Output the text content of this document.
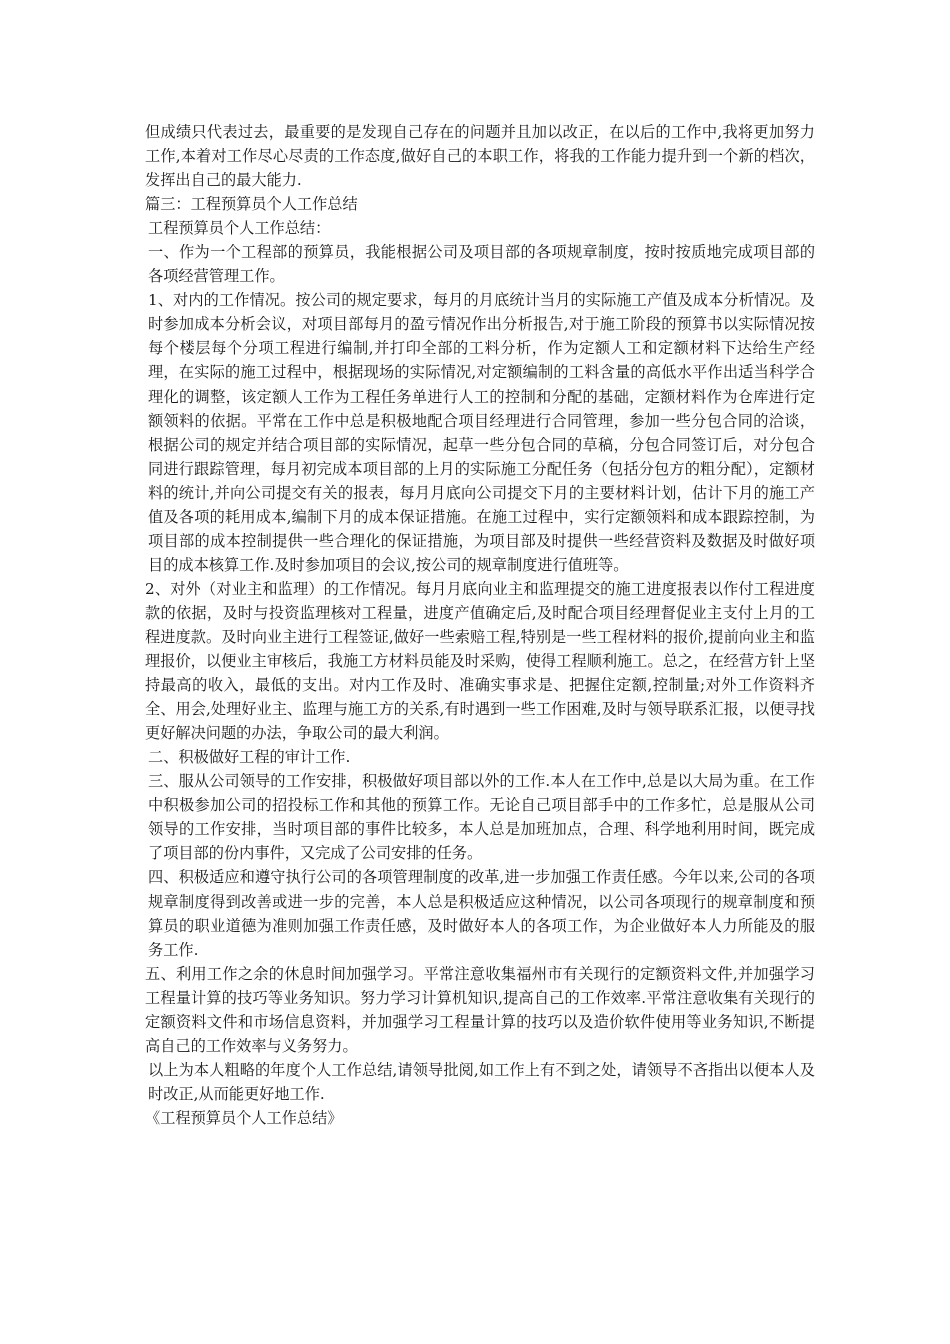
但成绩只代表过去，最重要的是发现自己存在的问题并且加以改正，在以后的工作中,我将更加努力工作,本着对工作尽心尽责的工作态度,做好自己的本职工作，将我的工作能力提升到一个新的档次，发挥出自己的最大能力.

篇三：工程预算员个人工作总结

工程预算员个人工作总结：

一、作为一个工程部的预算员，我能根据公司及项目部的各项规章制度，按时按质地完成项目部的各项经营管理工作。

1、对内的工作情况。按公司的规定要求，每月的月底统计当月的实际施工产值及成本分析情况。及时参加成本分析会议，对项目部每月的盈亏情况作出分析报告,对于施工阶段的预算书以实际情况按每个楼层每个分项工程进行编制,并打印全部的工料分析，作为定额人工和定额材料下达给生产经理，在实际的施工过程中，根据现场的实际情况,对定额编制的工料含量的高低水平作出适当科学合理化的调整，该定额人工作为工程任务单进行人工的控制和分配的基础，定额材料作为仓库进行定额领料的依据。平常在工作中总是积极地配合项目经理进行合同管理，参加一些分包合同的洽谈，根据公司的规定并结合项目部的实际情况，起草一些分包合同的草稿，分包合同签订后，对分包合同进行跟踪管理，每月初完成本项目部的上月的实际施工分配任务（包括分包方的粗分配），定额材料的统计,并向公司提交有关的报表，每月月底向公司提交下月的主要材料计划，估计下月的施工产值及各项的耗用成本,编制下月的成本保证措施。在施工过程中，实行定额领料和成本跟踪控制，为项目部的成本控制提供一些合理化的保证措施，为项目部及时提供一些经营资料及数据及时做好项目的成本核算工作.及时参加项目的会议,按公司的规章制度进行值班等。

2、对外（对业主和监理）的工作情况。每月月底向业主和监理提交的施工进度报表以作付工程进度款的依据，及时与投资监理核对工程量，进度产值确定后,及时配合项目经理督促业主支付上月的工程进度款。及时向业主进行工程签证,做好一些索赔工程,特别是一些工程材料的报价,提前向业主和监理报价，以便业主审核后，我施工方材料员能及时采购，使得工程顺利施工。总之，在经营方针上坚持最高的收入，最低的支出。对内工作及时、准确实事求是、把握住定额,控制量;对外工作资料齐全、用会,处理好业主、监理与施工方的关系,有时遇到一些工作困难,及时与领导联系汇报，以便寻找更好解决问题的办法，争取公司的最大利润。

二、积极做好工程的审计工作.

三、服从公司领导的工作安排，积极做好项目部以外的工作.本人在工作中,总是以大局为重。在工作中积极参加公司的招投标工作和其他的预算工作。无论自己项目部手中的工作多忙，总是服从公司领导的工作安排，当时项目部的事件比较多，本人总是加班加点，合理、科学地利用时间，既完成了项目部的份内事件，又完成了公司安排的任务。

四、积极适应和遵守执行公司的各项管理制度的改革,进一步加强工作责任感。今年以来,公司的各项规章制度得到改善或进一步的完善，本人总是积极适应这种情况，以公司各项现行的规章制度和预算员的职业道德为准则加强工作责任感，及时做好本人的各项工作，为企业做好本人力所能及的服务工作.

五、利用工作之余的休息时间加强学习。平常注意收集福州市有关现行的定额资料文件,并加强学习工程量计算的技巧等业务知识。努力学习计算机知识,提高自己的工作效率.平常注意收集有关现行的定额资料文件和市场信息资料，并加强学习工程量计算的技巧以及造价软件使用等业务知识,不断提高自己的工作效率与义务努力。

以上为本人粗略的年度个人工作总结,请领导批阅,如工作上有不到之处，请领导不吝指出以便本人及时改正,从而能更好地工作.

《工程预算员个人工作总结》
